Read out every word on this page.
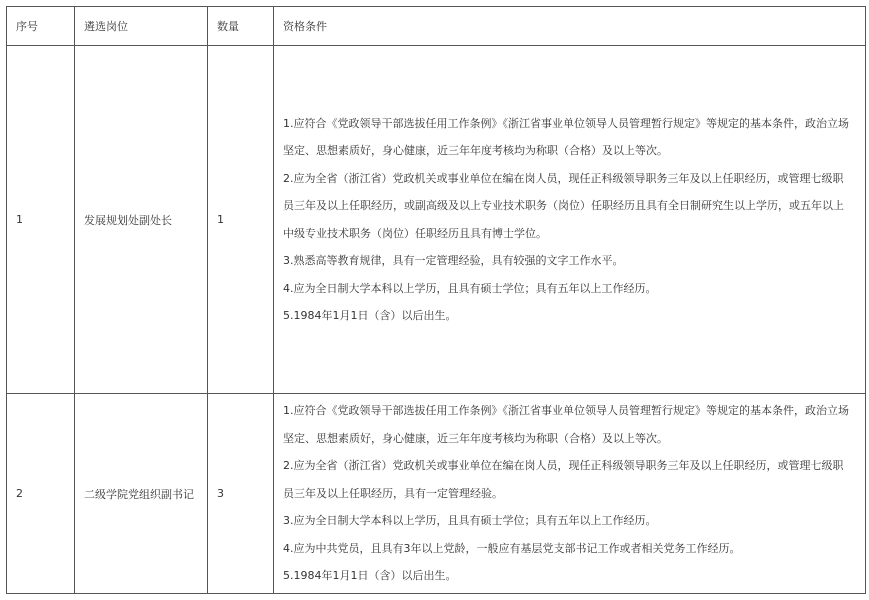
序号	遴选岗位	数量	资格条件
1	发展规划处副处长	1	1.应符合《党政领导干部选拔任用工作条例》《浙江省事业单位领导人员管理暂行规定》等规定的基本条件，政治立场坚定、思想素质好，身心健康，近三年年度考核均为称职（合格）及以上等次。

2.应为全省（浙江省）党政机关或事业单位在编在岗人员，现任正科级领导职务三年及以上任职经历，或管理七级职员三年及以上任职经历，或副高级及以上专业技术职务（岗位）任职经历且具有全日制研究生以上学历，或五年以上中级专业技术职务（岗位）任职经历且具有博士学位。

3.熟悉高等教育规律，具有一定管理经验，具有较强的文字工作水平。

4.应为全日制大学本科以上学历，且具有硕士学位；具有五年以上工作经历。

5.1984年1月1日（含）以后出生。

2	二级学院党组织副书记	3	1.应符合《党政领导干部选拔任用工作条例》《浙江省事业单位领导人员管理暂行规定》等规定的基本条件，政治立场坚定、思想素质好，身心健康，近三年年度考核均为称职（合格）及以上等次。

2.应为全省（浙江省）党政机关或事业单位在编在岗人员，现任正科级领导职务三年及以上任职经历，或管理七级职员三年及以上任职经历，具有一定管理经验。

3.应为全日制大学本科以上学历，且具有硕士学位；具有五年以上工作经历。

4.应为中共党员，且具有3年以上党龄，一般应有基层党支部书记工作或者相关党务工作经历。

5.1984年1月1日（含）以后出生。
